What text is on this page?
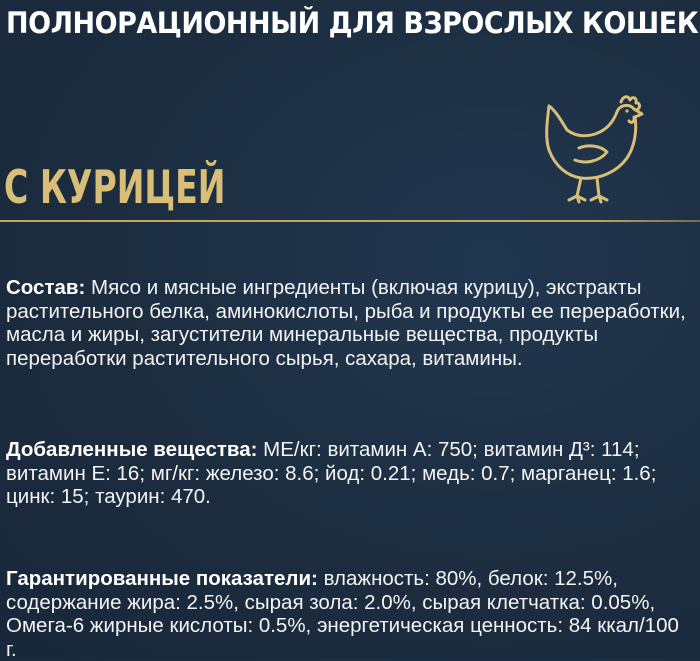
ПОЛНОРАЦИОННЫЙ ДЛЯ ВЗРОСЛЫХ КОШЕК
С КУРИЦЕЙ

Состав: Мясо и мясные ингредиенты (включая курицу), экстракты растительного белка, аминокислоты, рыба и продукты ее переработки, масла и жиры, загустители минеральные вещества, продукты переработки растительного сырья, сахара, витамины.

Добавленные вещества: МЕ/кг: витамин А: 750; витамин Д³: 114; витамин Е: 16; мг/кг: железо: 8.6; йод: 0.21; медь: 0.7; марганец: 1.6; цинк: 15; таурин: 470.

Гарантированные показатели: влажность: 80%, белок: 12.5%, содержание жира: 2.5%, сырая зола: 2.0%, сырая клетчатка: 0.05%, Омега-6 жирные кислоты: 0.5%, энергетическая ценность: 84 ккал/100 г.
